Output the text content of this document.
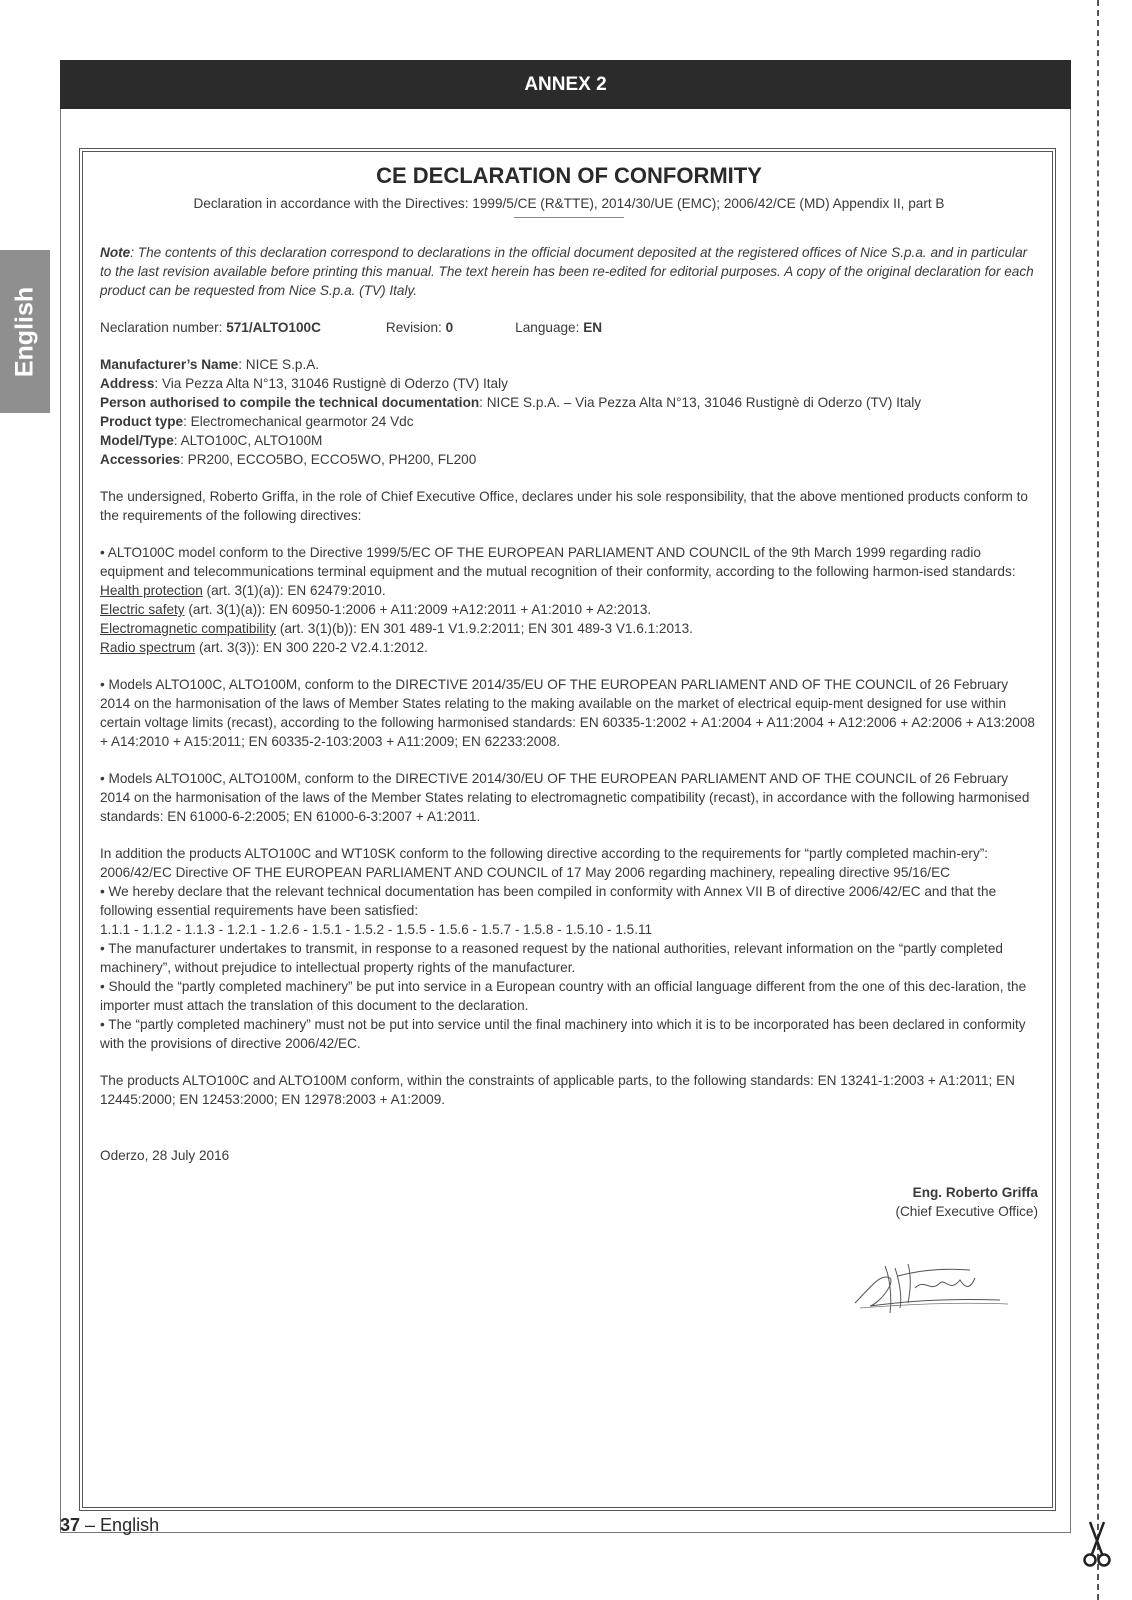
English
ANNEX 2
CE DECLARATION OF CONFORMITY
Declaration in accordance with the Directives: 1999/5/CE (R&TTE), 2014/30/UE (EMC); 2006/42/CE (MD) Appendix II, part B

Note: The contents of this declaration correspond to declarations in the official document deposited at the registered offices of Nice S.p.a. and in particular to the last revision available before printing this manual. The text herein has been re-edited for editorial purposes. A copy of the original declaration for each product can be requested from Nice S.p.a. (TV) Italy.

Neclaration number: 571/ALTO100C	Revision: 0	Language: EN

Manufacturer’s Name: NICE S.p.A.

Address: Via Pezza Alta N°13, 31046 Rustignè di Oderzo (TV) Italy

Person authorised to compile the technical documentation: NICE S.p.A. – Via Pezza Alta N°13, 31046 Rustignè di Oderzo (TV) Italy

Product type: Electromechanical gearmotor 24 Vdc

Model/Type: ALTO100C, ALTO100M

Accessories: PR200, ECCO5BO, ECCO5WO, PH200, FL200

The undersigned, Roberto Griffa, in the role of Chief Executive Office, declares under his sole responsibility, that the above mentioned products conform to the requirements of the following directives:

• ALTO100C model conform to the Directive 1999/5/EC OF THE EUROPEAN PARLIAMENT AND COUNCIL of the 9th March 1999 regarding radio equipment and telecommunications terminal equipment and the mutual recognition of their conformity, according to the following harmon-ised standards:

Health protection (art. 3(1)(a)): EN 62479:2010.

Electric safety (art. 3(1)(a)): EN 60950-1:2006 + A11:2009 +A12:2011 + A1:2010 + A2:2013.

Electromagnetic compatibility (art. 3(1)(b)): EN 301 489-1 V1.9.2:2011; EN 301 489-3 V1.6.1:2013.

Radio spectrum (art. 3(3)): EN 300 220-2 V2.4.1:2012.

• Models ALTO100C, ALTO100M, conform to the DIRECTIVE 2014/35/EU OF THE EUROPEAN PARLIAMENT AND OF THE COUNCIL of 26 February 2014 on the harmonisation of the laws of Member States relating to the making available on the market of electrical equip-ment designed for use within certain voltage limits (recast), according to the following harmonised standards: EN 60335-1:2002 + A1:2004 + A11:2004 + A12:2006 + A2:2006 + A13:2008 + A14:2010 + A15:2011; EN 60335-2-103:2003 + A11:2009; EN 62233:2008.

• Models ALTO100C, ALTO100M, conform to the DIRECTIVE 2014/30/EU OF THE EUROPEAN PARLIAMENT AND OF THE COUNCIL of 26 February 2014 on the harmonisation of the laws of the Member States relating to electromagnetic compatibility (recast), in accordance with the following harmonised standards: EN 61000-6-2:2005; EN 61000-6-3:2007 + A1:2011.

In addition the products ALTO100C and WT10SK conform to the following directive according to the requirements for “partly completed machin-ery”:

2006/42/EC Directive OF THE EUROPEAN PARLIAMENT AND COUNCIL of 17 May 2006 regarding machinery, repealing directive 95/16/EC

• We hereby declare that the relevant technical documentation has been compiled in conformity with Annex VII B of directive 2006/42/EC and that the following essential requirements have been satisfied:

1.1.1 - 1.1.2 - 1.1.3 - 1.2.1 - 1.2.6 - 1.5.1 - 1.5.2 - 1.5.5 - 1.5.6 - 1.5.7 - 1.5.8 - 1.5.10 - 1.5.11

• The manufacturer undertakes to transmit, in response to a reasoned request by the national authorities, relevant information on the “partly completed machinery”, without prejudice to intellectual property rights of the manufacturer.

• Should the “partly completed machinery” be put into service in a European country with an official language different from the one of this dec-laration, the importer must attach the translation of this document to the declaration.

• The “partly completed machinery” must not be put into service until the final machinery into which it is to be incorporated has been declared in conformity with the provisions of directive 2006/42/EC.

The products ALTO100C and ALTO100M conform, within the constraints of applicable parts, to the following standards: EN 13241-1:2003 + A1:2011; EN 12445:2000; EN 12453:2000; EN 12978:2003 + A1:2009.

Oderzo, 28 July 2016

Eng. Roberto Griffa

(Chief Executive Office)

37 – English
